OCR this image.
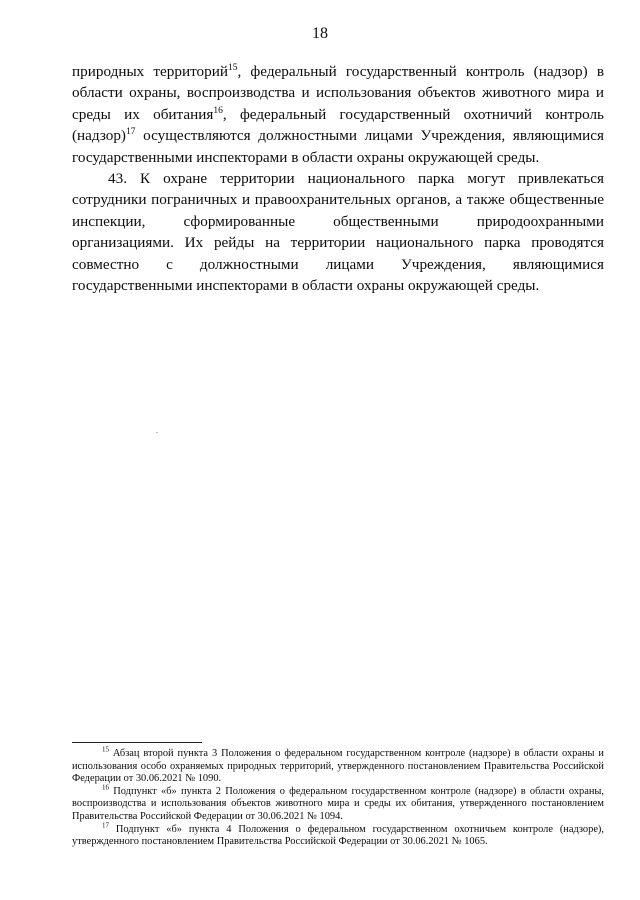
18

природных территорий$^{15}$, федеральный государственный контроль (надзор) в области охраны, воспроизводства и использования объектов животного мира и среды их обитания$^{16}$, федеральный государственный охотничий контроль (надзор)$^{17}$ осуществляются должностными лицами Учреждения, являющимися государственными инспекторами в области охраны окружающей среды.

43. К охране территории национального парка могут привлекаться сотрудники пограничных и правоохранительных органов, а также общественные инспекции, сформированные общественными природоохранными организациями. Их рейды на территории национального парка проводятся совместно с должностными лицами Учреждения, являющимися государственными инспекторами в области охраны окружающей среды.

$^{15}$ Абзац второй пункта 3 Положения о федеральном государственном контроле (надзоре) в области охраны и использования особо охраняемых природных территорий, утвержденного постановлением Правительства Российской Федерации от 30.06.2021 № 1090.

$^{16}$ Подпункт «б» пункта 2 Положения о федеральном государственном контроле (надзоре) в области охраны, воспроизводства и использования объектов животного мира и среды их обитания, утвержденного постановлением Правительства Российской Федерации от 30.06.2021 № 1094.

$^{17}$ Подпункт «б» пункта 4 Положения о федеральном государственном охотничьем контроле (надзоре), утвержденного постановлением Правительства Российской Федерации от 30.06.2021 № 1065.
